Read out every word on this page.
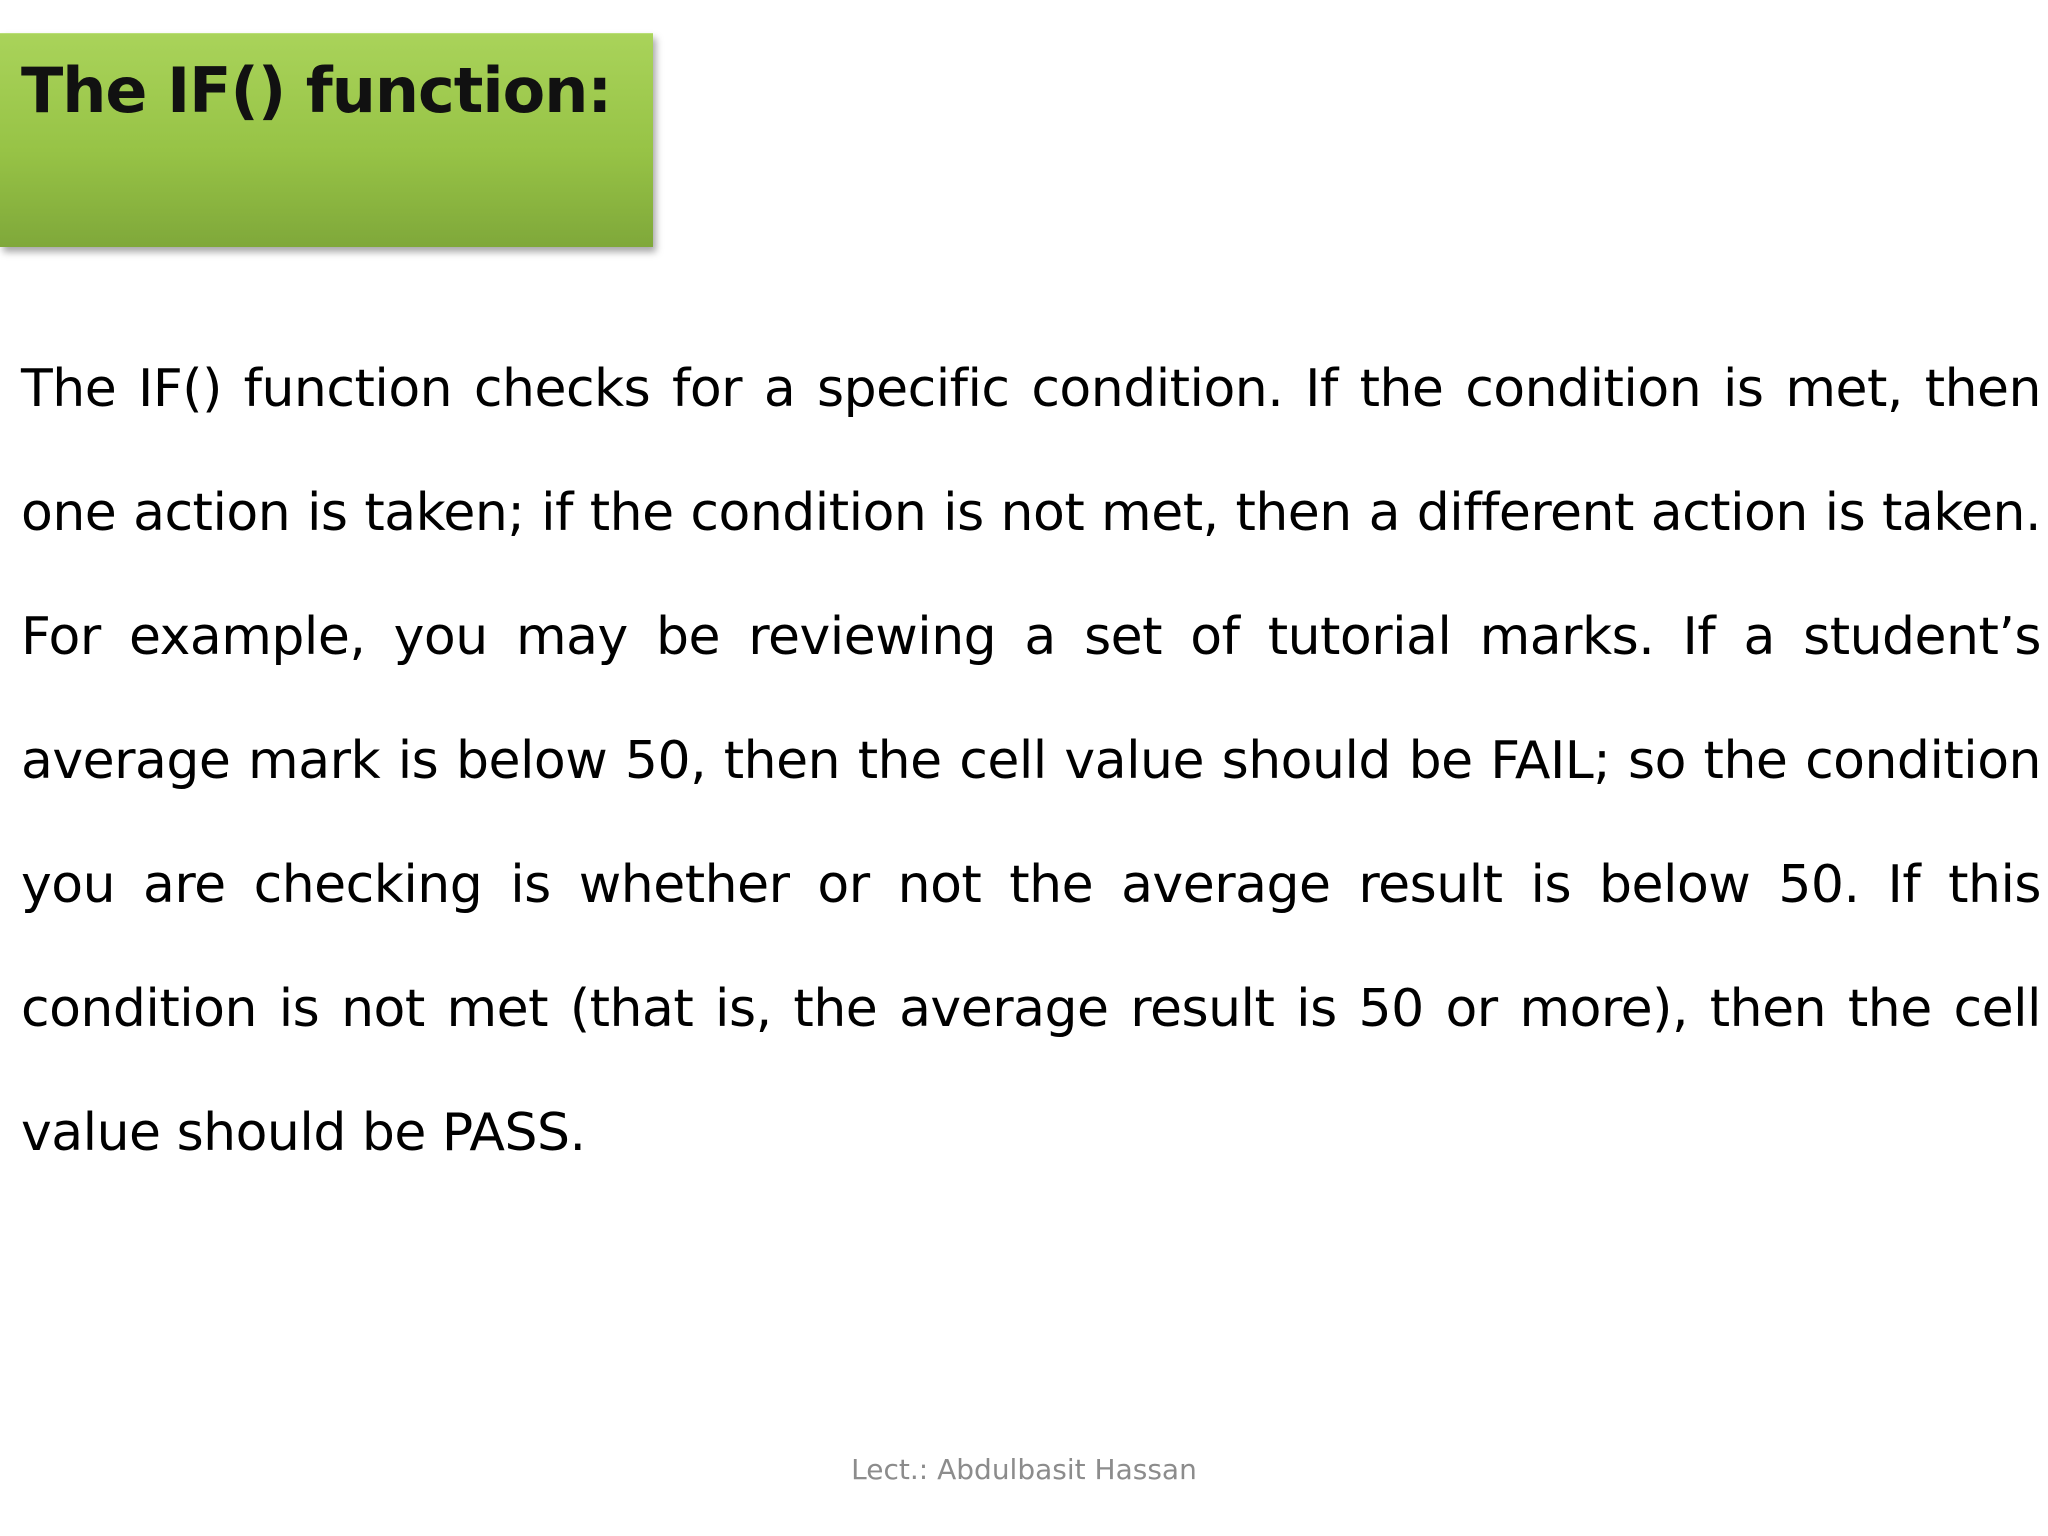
The IF() function:
The IF() function checks for a specific condition. If the condition is met, then one action is taken; if the condition is not met, then a different action is taken. For example, you may be reviewing a set of tutorial marks. If a student’s average mark is below 50, then the cell value should be FAIL; so the condition you are checking is whether or not the average result is below 50. If this condition is not met (that is, the average result is 50 or more), then the cell value should be PASS.
Lect.: Abdulbasit Hassan
